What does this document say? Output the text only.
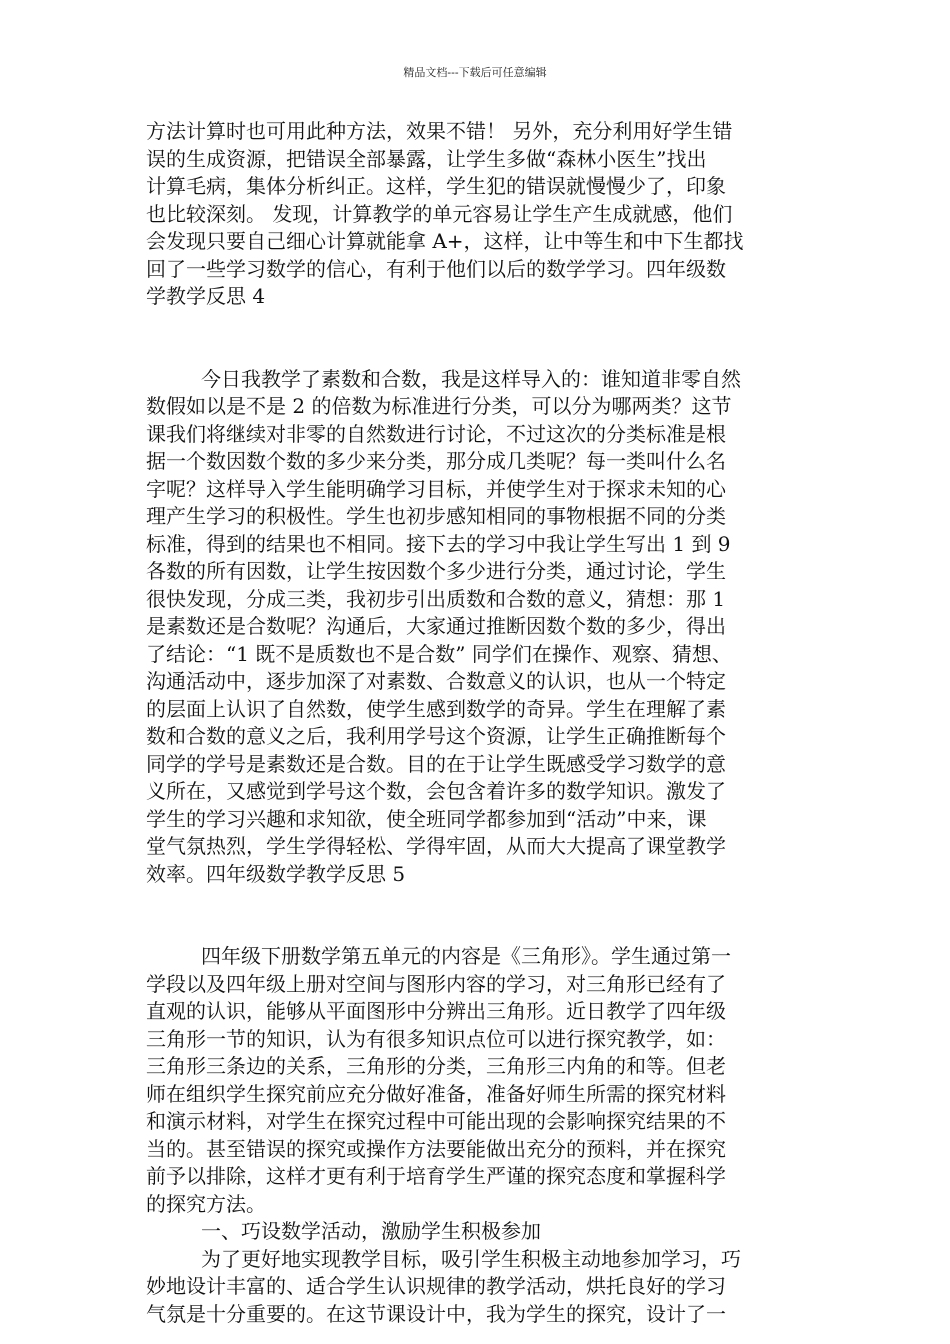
精品文档---下载后可任意编辑
方法计算时也可用此种方法，效果不错！ 另外，充分利用好学生错
误的生成资源，把错误全部暴露，让学生多做“森林小医生”找出
计算毛病，集体分析纠正。这样，学生犯的错误就慢慢少了，印象
也比较深刻。 发现，计算教学的单元容易让学生产生成就感，他们
会发现只要自己细心计算就能拿 A+，这样，让中等生和中下生都找
回了一些学习数学的信心，有利于他们以后的数学学习。四年级数
学教学反思 4
今日我教学了素数和合数，我是这样导入的：谁知道非零自然
数假如以是不是 2 的倍数为标准进行分类，可以分为哪两类？这节
课我们将继续对非零的自然数进行讨论，不过这次的分类标准是根
据一个数因数个数的多少来分类，那分成几类呢？每一类叫什么名
字呢？这样导入学生能明确学习目标，并使学生对于探求未知的心
理产生学习的积极性。学生也初步感知相同的事物根据不同的分类
标准，得到的结果也不相同。接下去的学习中我让学生写出 1 到 9
各数的所有因数，让学生按因数个多少进行分类，通过讨论，学生
很快发现，分成三类，我初步引出质数和合数的意义，猜想：那 1
是素数还是合数呢？沟通后，大家通过推断因数个数的多少，得出
了结论：“1 既不是质数也不是合数” 同学们在操作、观察、猜想、
沟通活动中，逐步加深了对素数、合数意义的认识，也从一个特定
的层面上认识了自然数，使学生感到数学的奇异。学生在理解了素
数和合数的意义之后，我利用学号这个资源，让学生正确推断每个
同学的学号是素数还是合数。目的在于让学生既感受学习数学的意
义所在，又感觉到学号这个数，会包含着许多的数学知识。激发了
学生的学习兴趣和求知欲，使全班同学都参加到“活动”中来，课
堂气氛热烈，学生学得轻松、学得牢固，从而大大提高了课堂教学
效率。四年级数学教学反思 5
四年级下册数学第五单元的内容是《三角形》。学生通过第一
学段以及四年级上册对空间与图形内容的学习，对三角形已经有了
直观的认识，能够从平面图形中分辨出三角形。近日教学了四年级
三角形一节的知识，认为有很多知识点位可以进行探究教学，如：
三角形三条边的关系，三角形的分类，三角形三内角的和等。但老
师在组织学生探究前应充分做好准备，准备好师生所需的探究材料
和演示材料，对学生在探究过程中可能出现的会影响探究结果的不
当的。甚至错误的探究或操作方法要能做出充分的预料，并在探究
前予以排除，这样才更有利于培育学生严谨的探究态度和掌握科学
的探究方法。
一、巧设数学活动，激励学生积极参加
为了更好地实现教学目标，吸引学生积极主动地参加学习，巧
妙地设计丰富的、适合学生认识规律的教学活动，烘托良好的学习
气氛是十分重要的。在这节课设计中，我为学生的探究，设计了一
